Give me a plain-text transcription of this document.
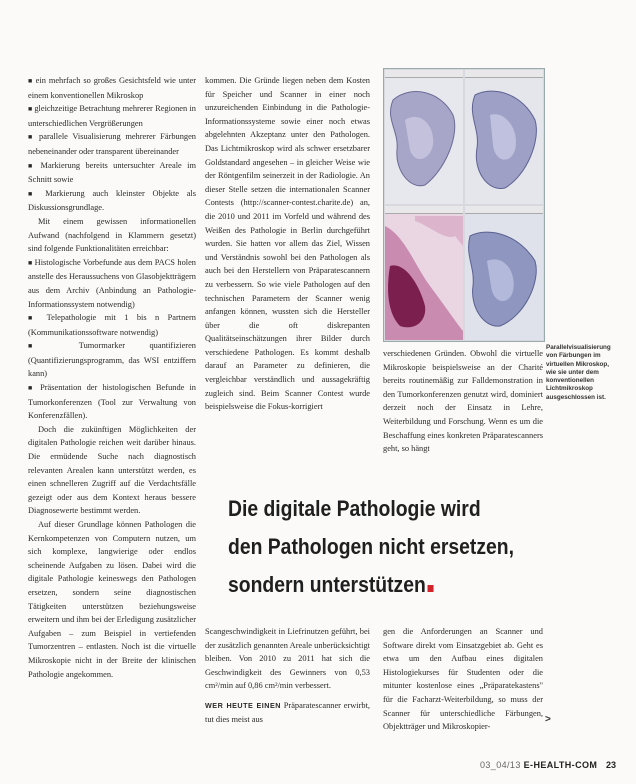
■ ein mehrfach so großes Gesichtsfeld wie unter einem konventionellen Mikroskop
■ gleichzeitige Betrachtung mehrerer Regionen in unterschiedlichen Vergrößerungen
■ parallele Visualisierung mehrerer Färbungen nebeneinander oder transparent übereinander
■ Markierung bereits untersuchter Areale im Schnitt sowie
■ Markierung auch kleinster Objekte als Diskussionsgrundlage.

Mit einem gewissen informationellen Aufwand (nachfolgend in Klammern gesetzt) sind folgende Funktionalitäten erreichbar:

■ Histologische Vorbefunde aus dem PACS holen anstelle des Heraussuchens von Glasobjektträgern aus dem Archiv (Anbindung an Pathologie-Informationssystem notwendig)
■ Telepathologie mit 1 bis n Partnern (Kommunikationssoftware notwendig)
■ Tumormarker quantifizieren (Quantifizierungsprogramm, das WSI entziffern kann)
■ Präsentation der histologischen Befunde in Tumorkonferenzen (Tool zur Verwaltung von Konferenzfällen).

Doch die zukünftigen Möglichkeiten der digitalen Pathologie reichen weit darüber hinaus. Die ermüdende Suche nach diagnostisch relevanten Arealen kann unterstützt werden, es einen schnelleren Zugriff auf die Verdachtsfälle gezeigt oder aus dem Kontext heraus bessere Diagnosewerte bestimmt werden.

Auf dieser Grundlage können Pathologen die Kernkompetenzen von Computern nutzen, um sich komplexe, langwierige oder endlos scheinende Aufgaben zu lösen. Dabei wird die digitale Pathologie keineswegs den Pathologen ersetzen, sondern seine diagnostischen Tätigkeiten unterstützen beziehungsweise erweitern und ihm bei der Erledigung zusätzlicher Aufgaben – zum Beispiel in vertiefenden Tumorzentren – entlasten. Noch ist die virtuelle Mikroskopie nicht in der Breite der klinischen Pathologie angekommen.

kommen. Die Gründe liegen neben dem Kosten für Speicher und Scanner in einer noch unzureichenden Einbindung in die Pathologie-Informationssysteme sowie einer noch etwas abgelehnten Akzeptanz unter den Pathologen. Das Lichtmikroskop wird als schwer ersetzbarer Goldstandard angesehen – in gleicher Weise wie der Röntgenfilm seinerzeit in der Radiologie. An dieser Stelle setzen die internationalen Scanner Contests (http://scanner-contest.charite.de) an, die 2010 und 2011 im Vorfeld und während des Weißen des Pathologie in Berlin durchgeführt wurden. Sie hatten vor allem das Ziel, Wissen und Verständnis sowohl bei den Pathologen als auch bei den Herstellern von Präparatescannern zu verbessern. So wie viele Pathologen auf den technischen Parametern der Scanner wenig anfangen können, wussten sich die Hersteller über die oft diskrepanten Qualitätseinschätzungen ihrer Bilder durch verschiedene Pathologen. Es kommt deshalb darauf an Parameter zu definieren, die vergleichbar verständlich und aussagekräftig zugleich sind. Beim Scanner Contest wurde beispielsweise die Fokus-korrigiert

Parallelvisualisierung von Färbungen im virtuellen Mikroskop, wie sie unter dem konventionellen Lichtmikroskop ausgeschlossen ist.

verschiedenen Gründen. Obwohl die virtuelle Mikroskopie beispielsweise an der Charité bereits routinemäßig zur Falldemonstration in den Tumorkonferenzen genutzt wird, dominiert derzeit noch der Einsatz in Lehre, Weiterbildung und Forschung. Wenn es um die Beschaffung eines konkreten Präparatescanners geht, so hängt

Die digitale Pathologie wird
den Pathologen nicht ersetzen,
sondern unterstützen

Scangeschwindigkeit in Liefrinutzen geführt, bei der zusätzlich genannten Areale unberücksichtigt bleiben. Von 2010 zu 2011 hat sich die Geschwindigkeit des Gewinners von 0,53 cm²/min auf 0,86 cm²/min verbessert.

WER HEUTE EINEN Präparatescanner erwirbt, tut dies meist aus

gen die Anforderungen an Scanner und Software direkt vom Einsatzgebiet ab. Geht es etwa um den Aufbau eines digitalen Histologiekurses für Studenten oder die mitunter kostenlose eines „Präparatekastens" für die Facharzt-Weiterbildung, so muss der Scanner für unterschiedliche Färbungen, Objektträger und Mikroskopier-

>
03_04/13 E-HEALTH-COM 23
